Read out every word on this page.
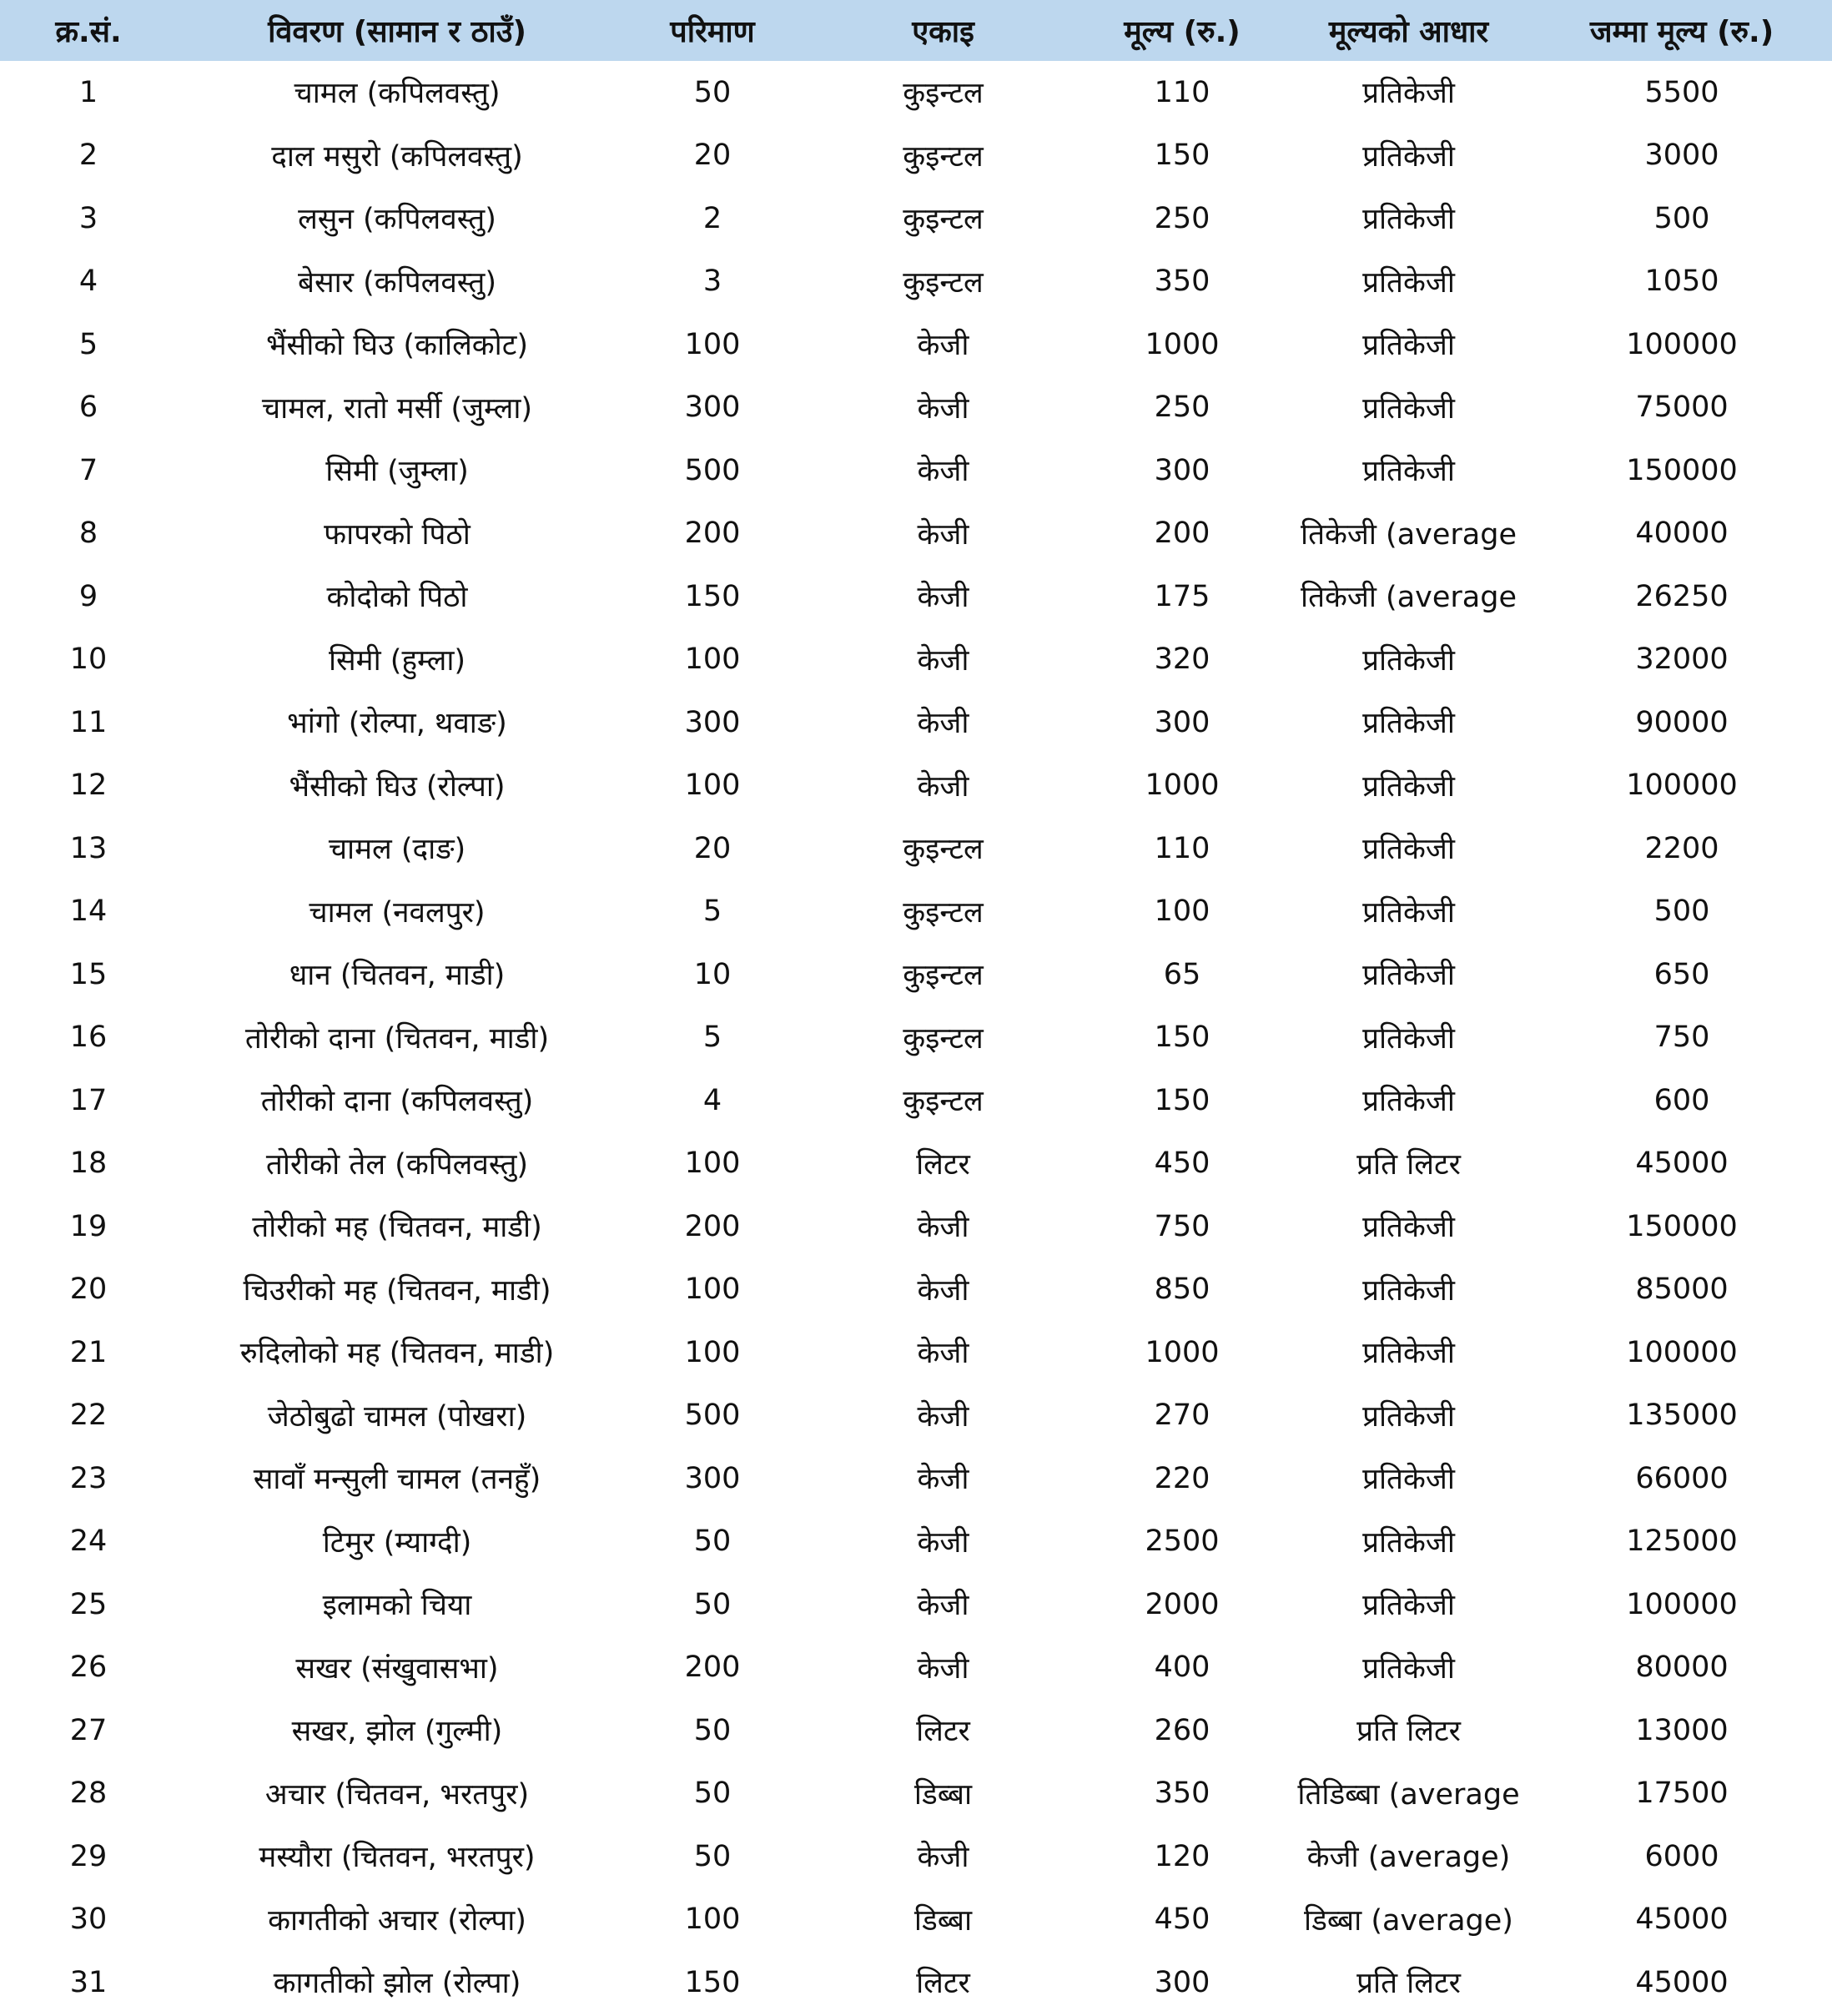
क्र.सं.	विवरण (सामान र ठाउँ)	परिमाण	एकाइ	मूल्य (रु.)	मूल्यको आधार	जम्मा मूल्य (रु.)
1	चामल (कपिलवस्तु)	50	कुइन्टल	110	प्रतिकेजी	5500
2	दाल मसुरो (कपिलवस्तु)	20	कुइन्टल	150	प्रतिकेजी	3000
3	लसुन (कपिलवस्तु)	2	कुइन्टल	250	प्रतिकेजी	500
4	बेसार (कपिलवस्तु)	3	कुइन्टल	350	प्रतिकेजी	1050
5	भैंसीको घिउ (कालिकोट)	100	केजी	1000	प्रतिकेजी	100000
6	चामल, रातो मर्सी (जुम्ला)	300	केजी	250	प्रतिकेजी	75000
7	सिमी (जुम्ला)	500	केजी	300	प्रतिकेजी	150000
8	फापरको पिठो	200	केजी	200	तिकेजी (average	40000
9	कोदोको पिठो	150	केजी	175	तिकेजी (average	26250
10	सिमी (हुम्ला)	100	केजी	320	प्रतिकेजी	32000
11	भांगो (रोल्पा, थवाङ)	300	केजी	300	प्रतिकेजी	90000
12	भैंसीको घिउ (रोल्पा)	100	केजी	1000	प्रतिकेजी	100000
13	चामल (दाङ)	20	कुइन्टल	110	प्रतिकेजी	2200
14	चामल (नवलपुर)	5	कुइन्टल	100	प्रतिकेजी	500
15	धान (चितवन, माडी)	10	कुइन्टल	65	प्रतिकेजी	650
16	तोरीको दाना (चितवन, माडी)	5	कुइन्टल	150	प्रतिकेजी	750
17	तोरीको दाना (कपिलवस्तु)	4	कुइन्टल	150	प्रतिकेजी	600
18	तोरीको तेल (कपिलवस्तु)	100	लिटर	450	प्रति लिटर	45000
19	तोरीको मह (चितवन, माडी)	200	केजी	750	प्रतिकेजी	150000
20	चिउरीको मह (चितवन, माडी)	100	केजी	850	प्रतिकेजी	85000
21	रुदिलोको मह (चितवन, माडी)	100	केजी	1000	प्रतिकेजी	100000
22	जेठोबुढो चामल (पोखरा)	500	केजी	270	प्रतिकेजी	135000
23	सावाँ मन्सुली चामल (तनहुँ)	300	केजी	220	प्रतिकेजी	66000
24	टिमुर (म्याग्दी)	50	केजी	2500	प्रतिकेजी	125000
25	इलामको चिया	50	केजी	2000	प्रतिकेजी	100000
26	सखर (संखुवासभा)	200	केजी	400	प्रतिकेजी	80000
27	सखर, झोल (गुल्मी)	50	लिटर	260	प्रति लिटर	13000
28	अचार (चितवन, भरतपुर)	50	डिब्बा	350	तिडिब्बा (average	17500
29	मस्यौरा (चितवन, भरतपुर)	50	केजी	120	केजी (average)	6000
30	कागतीको अचार (रोल्पा)	100	डिब्बा	450	डिब्बा (average)	45000
31	कागतीको झोल (रोल्पा)	150	लिटर	300	प्रति लिटर	45000
